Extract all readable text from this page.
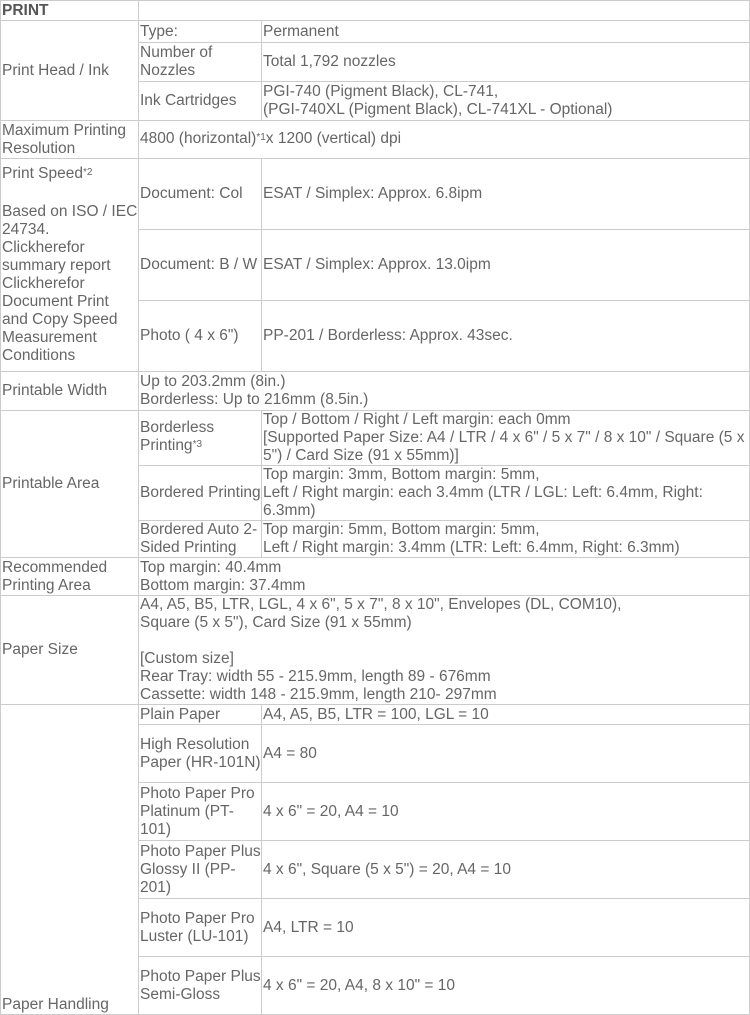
PRINT		
Print Head / Ink	Type:	Permanent
	Number of Nozzles	Total 1,792 nozzles
	Ink Cartridges	PGI-740 (Pigment Black), CL-741,
(PGI-740XL (Pigment Black), CL-741XL - Optional)
Maximum Printing Resolution	4800 (horizontal)$^{*1}$x 1200 (vertical) dpi	
Print Speed$^{*2}$
Based on ISO / IEC 24734.
Clickherefor summary report
Clickherefor Document Print and Copy Speed Measurement Conditions	Document: Col	ESAT / Simplex: Approx. 6.8ipm
	Document: B / W	ESAT / Simplex: Approx. 13.0ipm
	Photo ( 4 x 6")	PP-201 / Borderless: Approx. 43sec.
Printable Width	Up to 203.2mm (8in.)
Borderless: Up to 216mm (8.5in.)	
Printable Area	Borderless Printing$^{*3}$	Top / Bottom / Right / Left margin: each 0mm
[Supported Paper Size: A4 / LTR / 4 x 6" / 5 x 7" / 8 x 10" / Square (5 x 5") / Card Size (91 x 55mm)]
	Bordered Printing	Top margin: 3mm, Bottom margin: 5mm,
Left / Right margin: each 3.4mm (LTR / LGL: Left: 6.4mm, Right: 6.3mm)
	Bordered Auto 2-Sided Printing	Top margin: 5mm, Bottom margin: 5mm,
Left / Right margin: 3.4mm (LTR: Left: 6.4mm, Right: 6.3mm)
Recommended Printing Area	Top margin: 40.4mm
Bottom margin: 37.4mm	
Paper Size	A4, A5, B5, LTR, LGL, 4 x 6", 5 x 7", 8 x 10", Envelopes (DL, COM10),
Square (5 x 5"), Card Size (91 x 55mm)

[Custom size]
Rear Tray: width 55 - 215.9mm, length 89 - 676mm
Cassette: width 148 - 215.9mm, length 210- 297mm	
Paper Handling	Plain Paper	A4, A5, B5, LTR = 100, LGL = 10
	High Resolution Paper (HR-101N)	A4 = 80
	Photo Paper Pro Platinum (PT-101)	4 x 6" = 20, A4 = 10
	Photo Paper Plus Glossy II (PP-201)	4 x 6", Square (5 x 5") = 20, A4 = 10
	Photo Paper Pro Luster (LU-101)	A4, LTR = 10
	Photo Paper Plus Semi-Gloss	4 x 6" = 20, A4, 8 x 10" = 10
